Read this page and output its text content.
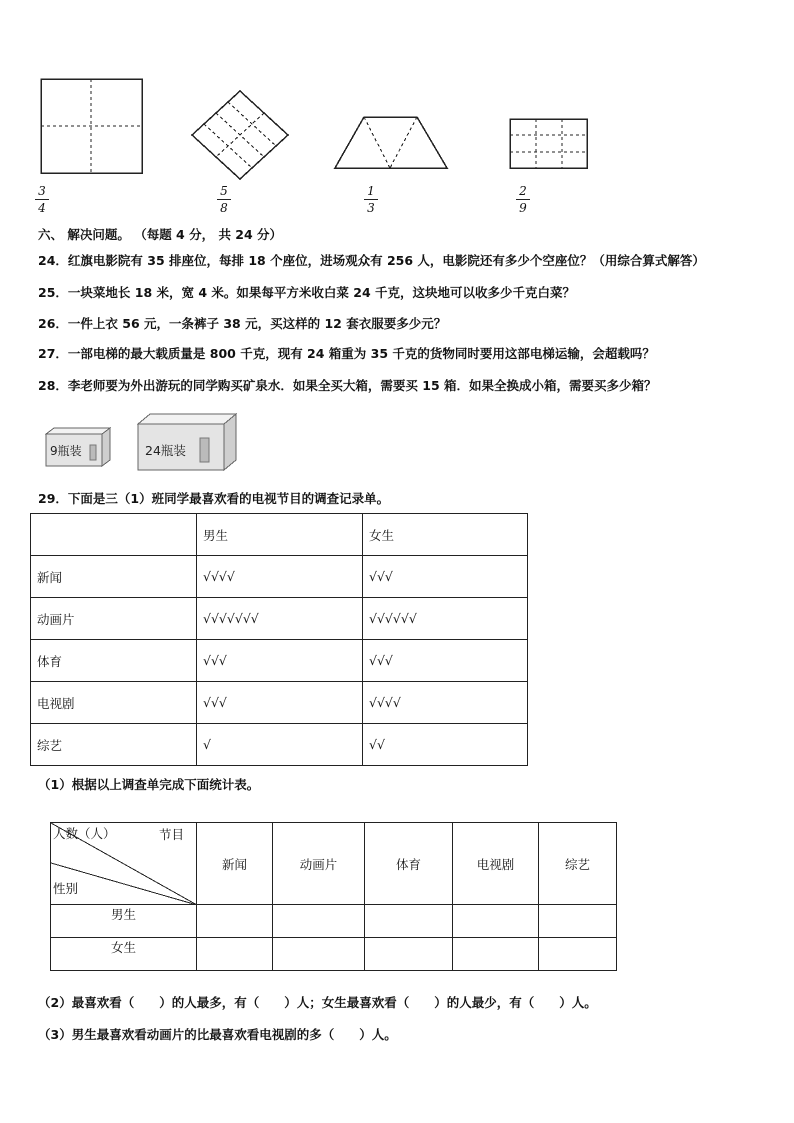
3
4
5
8
1
3
2
9
六、 解决问题。 （每题 4 分， 共 24 分）
24．红旗电影院有 35 排座位，每排 18 个座位，进场观众有 256 人，电影院还有多少个空座位？（用综合算式解答）
25．一块菜地长 18 米，宽 4 米。如果每平方米收白菜 24 千克，这块地可以收多少千克白菜？
26．一件上衣 56 元，一条裤子 38 元，买这样的 12 套衣服要多少元？
27．一部电梯的最大载质量是 800 千克，现有 24 箱重为 35 千克的货物同时要用这部电梯运输，会超载吗？
28．李老师要为外出游玩的同学购买矿泉水．如果全买大箱，需要买 15 箱．如果全换成小箱，需要买多少箱？
9瓶装	24瓶装
29．下面是三（1）班同学最喜欢看的电视节目的调查记录单。
	男生	女生
新闻	√√√√	√√√
动画片	√√√√√√√	√√√√√√
体育	√√√	√√√
电视剧	√√√	√√√√
综艺	√	√√
（1）根据以上调查单完成下面统计表。
人数（人） 节目
性别	新闻	动画片	体育	电视剧	综艺
男生					
女生					
（2）最喜欢看（　　）的人最多，有（　　）人；女生最喜欢看（　　）的人最少，有（　　）人。
（3）男生最喜欢看动画片的比最喜欢看电视剧的多（　　）人。
